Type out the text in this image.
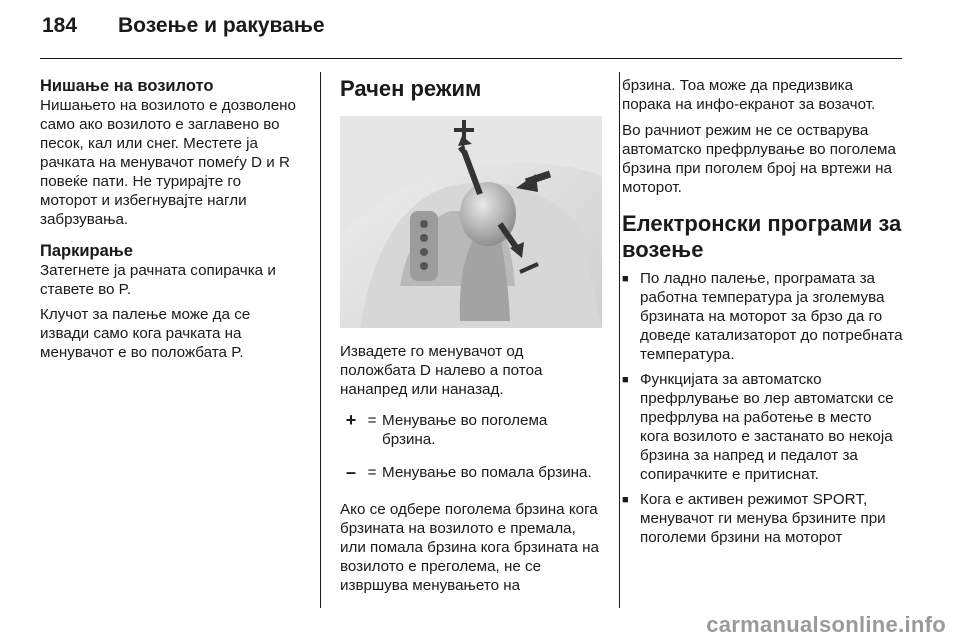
184 Возење и ракување
Нишање на возилото

Нишањето на возилото е дозволено само ако возилото е заглавено во песок, кал или снег. Местете ја рачката на менувачот помеѓу D и R повеќе пати. Не турирајте го моторот и избегнувајте нагли забрзувања.

Паркирање

Затегнете ја рачната сопирачка и ставете во P.

Клучот за палење може да се извади само кога рачката на менувачот е во положбата P.

Рачен режим

Извадете го менувачот од положбата D налево а потоа нанапред или наназад.

+ = Менување во поголема брзина.
– = Менување во помала брзина.

Ако се одбере поголема брзина кога брзината на возилото е премала, или помала брзина кога брзината на возилото е преголема, не се извршува менувањето на

брзина. Тоа може да предизвика порака на инфо-екранот за возачот.

Во рачниот режим не се остварува автоматско префрлување во поголема брзина при поголем број на вртежи на моторот.

Електронски програми за возење
■ По ладно палење, програмата за работна температура ја зголемува брзината на моторот за брзо да го доведе катализаторот до потребната температура.
■ Функцијата за автоматско префрлување во лер автоматски се префрлува на работење в место кога возилото е застанато во некоја брзина за напред и педалот за сопирачките е притиснат.
■ Кога е активен режимот SPORT, менувачот ги менува брзините при поголеми брзини на моторот
carmanualsonline.info
